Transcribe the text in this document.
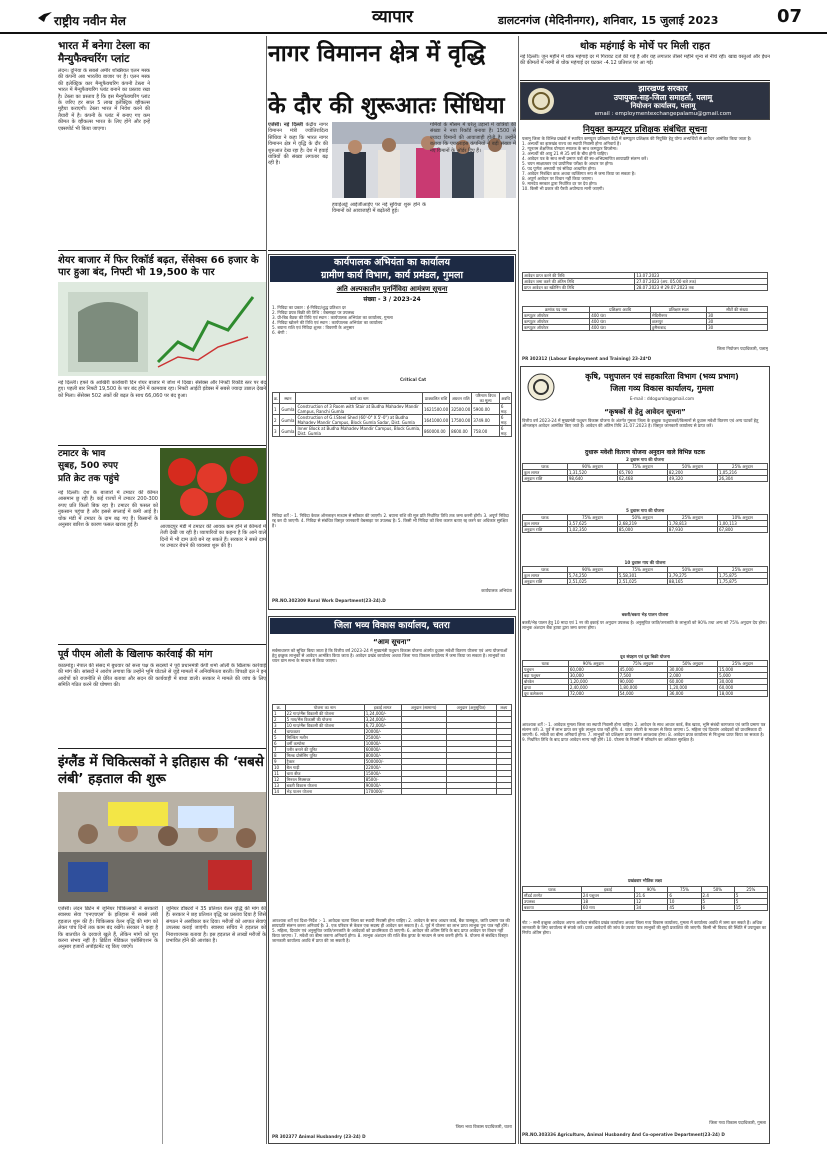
राष्ट्रीय नवीन मेल	व्यापार	डालटनगंज (मेदिनीनगर), शनिवार, 15 जुलाई 2023	07
भारत में बनेगा टेस्ला का मैन्युफैक्चरिंग प्लांट
लंदन। दुनिया के सबसे अमीर शख्सियत एलन मस्क की कंपनी अब भारतीय बाजार पर है। एलन मस्क की इलेक्ट्रिक कार मैन्युफैक्चरिंग कंपनी टेस्ला ने भारत में मैन्युफैक्चरिंग प्लांट बनाने का प्रस्ताव रखा है। टेस्ला का प्रस्ताव है कि इस मैन्युफैक्चरिंग प्लांट के जरिए हर साल 5 लाख इलेक्ट्रिक व्हीकल्स मुहैया कराएगी। टेस्ला भारत में निवेश करने की तैयारी में है। कंपनी के प्लांट में बनाए गए कम कीमत के व्हीकल्स भारत के लिए होंगे और इन्हें एक्सपोर्ट भी किया जाएगा।
शेयर बाजार में फिर रिकॉर्ड बढ़त, सेंसेक्स 66 हजार के पार हुआ बंद, निफ्टी भी 19,500 के पार
नई दिल्ली। हफ्ते के आखिरी कारोबारी दिन शेयर बाजार में जोश में दिखा। सेंसेक्स और निफ्टी रिकॉर्ड स्तर पर बंद हुए। पहली बार निफ्टी 19,500 के पार बंद होने में कामयाब रहा। निफ्टी आईटी इंडेक्स में सबसे ज्यादा उछाल देखने को मिला। सेंसेक्स 502 अंकों की बढ़त के साथ 66,060 पर बंद हुआ।
टमाटर के भाव
सुबह, 500 रुपए
प्रति क्रेट तक पहुंचे
नई दिल्ली। देश के बाजारों में टमाटर की कीमत आसमान छू रही है। कई राज्यों में टमाटर 200-300 रुपए प्रति किलो बिक रहा है। टमाटर की फसल को नुकसान पहुंचा है और इससे सप्लाई में कमी आई है। थोक मंडी में टमाटर के दाम बढ़ गए हैं। किसानों के अनुसार बारिश के कारण फसल खराब हुई है।	आजादपुर मंडी में टमाटर की आवक कम होने से कीमतों में तेजी देखी जा रही है। व्यापारियों का कहना है कि आने वाले दिनों में भी दाम ऊंचे बने रह सकते हैं। सरकार ने सस्ते दाम पर टमाटर बेचने की व्यवस्था शुरू की है।
पूर्व पीएम ओली के खिलाफ कार्रवाई की मांग
काठमांडू। नेपाल की संसद में बुधवार को सत्ता पक्ष के सदस्यों ने पूर्व प्रधानमंत्री केपी शर्मा ओली के खिलाफ कार्रवाई की मांग की। सांसदों ने आरोप लगाया कि उन्होंने भूमि घोटाले से जुड़े मामलों में अनियमितता बरती। विपक्षी दल ने इन आरोपों को राजनीति से प्रेरित बताया और सदन की कार्यवाही में बाधा डाली। सरकार ने मामले की जांच के लिए समिति गठित करने की घोषणा की।
इंग्लैंड में चिकित्सकों ने इतिहास की ‘सबसे लंबी’ हड़ताल की शुरू
एजेंसी। लंदन ब्रिटेन में जूनियर चिकित्सकों ने सरकारी स्वास्थ्य सेवा 'एनएचएस' के इतिहास में सबसे लंबी हड़ताल शुरू की है। चिकित्सक वेतन वृद्धि की मांग को लेकर पांच दिनों तक काम बंद रखेंगे। सरकार ने कहा है कि बातचीत के दरवाजे खुले हैं, लेकिन मांगों को पूरा करना संभव नहीं है। ब्रिटिश मेडिकल एसोसिएशन के अनुसार हजारों अपॉइंटमेंट रद्द किए जाएंगे।
जूनियर डॉक्टरों ने 35 प्रतिशत वेतन वृद्धि की मांग की है। सरकार ने छह प्रतिशत वृद्धि का प्रस्ताव दिया है जिसे संगठन ने अस्वीकार कर दिया। मरीजों को आपात सेवाएं उपलब्ध कराई जाएंगी। स्वास्थ्य सचिव ने हड़ताल को निराशाजनक बताया है। इस हड़ताल से लाखों मरीजों के प्रभावित होने की आशंका है।
नागर विमानन क्षेत्र में वृद्धि
के दौर की शुरूआतः सिंधिया
एजेंसी। नई दिल्ली केंद्रीय नागर विमानन मंत्री ज्योतिरादित्य सिंधिया ने कहा कि भारत नागर विमानन क्षेत्र में वृद्धि के दौर की शुरुआत देख रहा है। देश में हवाई यात्रियों की संख्या लगातार बढ़ रही है।
हवाईअड्डे आईजीआईए पर नई सुविधा शुरू होने के विमानों को आवाजाही में बढ़ोतरी हुई।
गर्मियों के मौसम में घरेलू उड़ानों में यात्रियों की संख्या ने नया रिकॉर्ड बनाया है। 1500 से ज्यादा विमानों की आवाजाही होती है। उन्होंने बताया कि एयरलाइंस कंपनियों ने बड़ी संख्या में नए विमानों के ऑर्डर दिए हैं।
कार्यपालक अभियंता का कार्यालय
ग्रामीण कार्य विभाग, कार्य प्रमंडल, गुमला
अति अल्पकालीन पुनर्निविदा आमंत्रण सूचना
संख्या - 3 / 2023-24
1. निविदा का प्रकार : ई-निविदा/शुद्ध प्रतिशत दर
2. निविदा प्रपत्र बिक्री की तिथि : वेबसाइट पर उपलब्ध
3. प्री-बिड बैठक की तिथि एवं स्थान : कार्यपालक अभियंता का कार्यालय, गुमला
4. निविदा खोलने की तिथि एवं स्थान : कार्यपालक अभियंता का कार्यालय
5. बयाना राशि एवं निविदा शुल्क : विवरणी के अनुसार
6. श्रेणी :
Critical Cat
क्र.	स्थान	कार्य का नाम	प्राक्कलित राशि	अग्रधन राशि	परिमाण विपत्र का मूल्य	अवधि
1	Gumla	Construction of 3 Room with Stair at Budha Mahadev Mandir Campus, Ranchi Gumla	1621500.00	32500.00	5900.00	6 माह
2	Gumla	Construction of G.I.Steel Shed (60'-0" X 5'-0") at Budha Mahadev Mandir Campus, Block Gumla Sadar, Dist. Gumla	1641000.00	17500.00	3749.00	6 माह
3	Gumla	Inner Block at Budha Mahadev Mandir Campus, Block Gumla, Dist. Gumla	860000.00	8600.00	758.00	6 माह
निविदा शर्तें :- 1. निविदा केवल ऑनलाइन माध्यम से स्वीकार की जाएगी। 2. बयाना राशि की मूल प्रति निर्धारित तिथि तक जमा करनी होगी। 3. अपूर्ण निविदा रद्द कर दी जाएगी। 4. निविदा से संबंधित विस्तृत जानकारी वेबसाइट पर उपलब्ध है। 5. किसी भी निविदा को बिना कारण बताए रद्द करने का अधिकार सुरक्षित है।
कार्यपालक अभियंता
PR.NO.302309 Rural Work Department(23-24).D
जिला भव्य विकास कार्यालय, चतरा
“आम सूचना”
सर्वसाधारण को सूचित किया जाता है कि वित्तीय वर्ष 2023-24 में मुख्यमंत्री पशुधन विकास योजना अंतर्गत दुधारू मवेशी वितरण योजना एवं अन्य योजनाओं हेतु इच्छुक लाभुकों से आवेदन आमंत्रित किया जाता है। आवेदन प्रखंड कार्यालय अथवा जिला गव्य विकास कार्यालय में जमा किया जा सकता है। लाभुकों का चयन ग्राम सभा के माध्यम से किया जाएगा।
क्र.	योजना का नाम	इकाई लागत	अनुदान (सामान्य)	अनुदान (अनुसूचित)	लक्ष्य
1	22 गाय/भैंस विकासी की योजना	1,24,000/-			
2	5 गाय/भैंस विकासी की योजना	3,24,000/-			
3	10 गाय/भैंस विकासी की योजना	6,72,000/-			
4	चाफकटर	20000/-			
5	मिल्किंग मशीन	25000/-			
6	वर्मी कम्पोस्ट	10000/-			
7	पनीर बनाने की यूनिट	60000/-			
8	मिल्क प्रोसेसिंग यूनिट	80000/-			
9	ट्रैक्टर	500000/-			
10	बैल गाड़ी	22000/-			
11	चारा बीज	15000/-			
12	मिनरल मिक्सचर	8500/-			
13	बकरी विकास योजना	90000/-			
14	भेड़ पालन योजना	170000/-			
आवश्यक शर्तें एवं दिशा-निर्देश :- 1. आवेदक चतरा जिला का स्थायी निवासी होना चाहिए। 2. आवेदन के साथ आधार कार्ड, बैंक पासबुक, जाति प्रमाण पत्र की छायाप्रति संलग्न करना अनिवार्य है। 3. एक परिवार से केवल एक सदस्य ही आवेदन कर सकता है। 4. पूर्व में योजना का लाभ प्राप्त लाभुक पुनः पात्र नहीं होंगे। 5. महिला, दिव्यांग एवं अनुसूचित जाति/जनजाति के आवेदकों को प्राथमिकता दी जाएगी। 6. आवेदन की अंतिम तिथि के बाद प्राप्त आवेदन पर विचार नहीं किया जाएगा। 7. मवेशी का बीमा कराना अनिवार्य होगा। 8. लाभुक अंशदान की राशि बैंक ड्राफ्ट के माध्यम से जमा करनी होगी। 9. योजना से संबंधित विस्तृत जानकारी कार्यालय अवधि में प्राप्त की जा सकती है।
जिला भव्य विकास पदाधिकारी, चतरा
PR 302377 Animal Husbandry (23-24) D
थोक महंगाई के मोर्चे पर मिली राहत
नई दिल्ली। जून महीने में थोक महंगाई दर में गिरावट दर्ज की गई है और यह लगातार तीसरे महीने शून्य से नीचे रही। खाद्य वस्तुओं और ईंधन की कीमतों में नरमी से थोक महंगाई दर घटकर -4.12 प्रतिशत पर आ गई।
झारखण्ड सरकार
उपायुक्त-सह-जिला समाहर्ता, पलामू
नियोजन कार्यालय, पलामू
email : employmentexchangepalamu@gmail.com
नियुक्त कम्प्यूटर प्रशिक्षक संबंधित सूचना
पलामू जिला के विभिन्न प्रखंडों में स्थापित कम्प्यूटर प्रशिक्षण केंद्रों में कम्प्यूटर प्रशिक्षक की नियुक्ति हेतु योग्य अभ्यर्थियों से आवेदन आमंत्रित किया जाता है।
1. अभ्यर्थी का झारखंड राज्य का स्थायी निवासी होना अनिवार्य है।
2. न्यूनतम शैक्षणिक योग्यता स्नातक के साथ कम्प्यूटर डिप्लोमा।
3. अभ्यर्थी की आयु 21 से 35 वर्ष के बीच होनी चाहिए।
4. आवेदन पत्र के साथ सभी प्रमाण पत्रों की स्व-अभिप्रमाणित छायाप्रति संलग्न करें।
5. चयन साक्षात्कार एवं प्रायोगिक परीक्षा के आधार पर होगा।
6. पद पूर्णतः अस्थायी एवं संविदा आधारित होगा।
7. आवेदन निबंधित डाक अथवा व्यक्तिगत रूप से जमा किया जा सकता है।
8. अपूर्ण आवेदन पर विचार नहीं किया जाएगा।
9. मानदेय सरकार द्वारा निर्धारित दर पर देय होगा।
10. किसी भी प्रकार की पैरवी अयोग्यता मानी जाएगी।
आवेदन प्राप्त करने की तिथि	13.07.2023
आवेदन जमा करने की अंतिम तिथि	27.07.2023 (अप. 05.00 बजे तक)
प्राप्त आवेदन का स्क्रीनिंग की तिथि	28.07.2023 से 29.07.2023 तक
क्रमांक पद नाम	प्रशिक्षण अवधि	प्रशिक्षण स्थल	सीटों की संख्या
कम्प्यूटर ऑपरेटर	400 घंटा	मेदिनीनगर	30
कम्प्यूटर ऑपरेटर	400 घंटा	छतरपुर	30
कम्प्यूटर ऑपरेटर	400 घंटा	हुसैनाबाद	30
जिला नियोजन पदाधिकारी, पलामू
PR 302312 (Labour Employment and Training) 23-24*D
कृषि, पशुपालन एवं सहकारिता विभाग (भव्य प्रभाग)
जिला गव्य विकास कार्यालय, गुमला
E-mail : ddogumla@gmail.com
“कृषकों से हेतु आवेदन सूचना”
वित्तीय वर्ष 2023-24 में मुख्यमंत्री पशुधन विकास योजना के अंतर्गत गुमला जिला के इच्छुक पशुपालकों/किसानों से दुधारू मवेशी वितरण एवं अन्य घटकों हेतु ऑनलाइन आवेदन आमंत्रित किए जाते हैं। आवेदन की अंतिम तिथि 31.07.2023 है। विस्तृत जानकारी कार्यालय से प्राप्त करें।
दुधारू मवेशी वितरण योजना अनुदान वाले विभिन्न घटक
2 दुधारू गाय की योजना
घटक	90% अनुदान	75% अनुदान	50% अनुदान	25% अनुदान
कुल लागत	1,31,520	65,760	82,200	1,05,216
अनुदान राशि	98,640	62,468	49,320	26,304
5 दुधारू गाय की योजना
घटक	75% अनुदान	50% अनुदान	25% अनुदान	10% अनुदान
कुल लागत	3,57,625	2,68,219	1,78,813	1,00,113
अनुदान राशि	1,02,350	85,000	87,930	67,800
10 दुधारू गाय की योजना
घटक	90% अनुदान	75% अनुदान	50% अनुदान	25% अनुदान
कुल लागत	5,74,250	5,58,301	3,79,275	1,75,875
अनुदान राशि	2,51,025	2,51,025	88,165	1,75,875
बकरी/बकरा भेड़ पालन योजना
बकरी/भेड़ पालन हेतु 10 मादा एवं 1 नर की इकाई पर अनुदान उपलब्ध है। अनुसूचित जाति/जनजाति के लाभुकों को 90% तथा अन्य को 75% अनुदान देय होगा। लाभुक अंशदान बैंक ड्राफ्ट द्वारा जमा करना होगा।
दूध संग्रहण एवं दूध बिक्री योजना
घटक	90% अनुदान	75% अनुदान	50% अनुदान	25% अनुदान
पशुधन	60,000	45,000	30,000	15,000
बड़ा पशुधन	30,000	7,500	2,000	5,000
बोरवेल	1,20,000	90,000	60,000	30,000
ढ़ाचा	2,40,000	1,80,000	1,20,000	60,000
दूध कलेक्शन	72,000	54,000	36,000	18,000
आवश्यक शर्तें :- 1. आवेदक गुमला जिला का स्थायी निवासी होना चाहिए। 2. आवेदन के साथ आधार कार्ड, बैंक खाता, भूमि संबंधी कागजात एवं जाति प्रमाण पत्र संलग्न करें। 3. पूर्व में लाभ प्राप्त कर चुके लाभुक पात्र नहीं होंगे। 4. चयन लॉटरी के माध्यम से किया जाएगा। 5. महिला एवं दिव्यांग आवेदकों को प्राथमिकता दी जाएगी। 6. मवेशी का बीमा अनिवार्य होगा। 7. लाभुकों को प्रशिक्षण प्राप्त करना आवश्यक होगा। 8. आवेदन प्रपत्र कार्यालय से निःशुल्क प्राप्त किया जा सकता है। 9. निर्धारित तिथि के बाद प्राप्त आवेदन मान्य नहीं होंगे। 10. योजना के नियमों में परिवर्तन का अधिकार सुरक्षित है।
प्रखंडवार भौतिक लक्ष्य
घटक	इकाई	90%	75%	50%	25%
स्टैंडर्ड टारगेट	24 पशुधन	21.6	6	2.4	5
उपलब्ध	18	12	10	5	5
बकाया	60 गाय	34	45	6	15
नोट :- सभी इच्छुक आवेदक अपना आवेदन संबंधित प्रखंड कार्यालय अथवा जिला गव्य विकास कार्यालय, गुमला में कार्यालय अवधि में जमा कर सकते हैं। अधिक जानकारी के लिए कार्यालय से संपर्क करें। प्राप्त आवेदनों की जांच के उपरांत पात्र लाभुकों की सूची प्रकाशित की जाएगी। किसी भी विवाद की स्थिति में उपायुक्त का निर्णय अंतिम होगा।
जिला गव्य विकास पदाधिकारी, गुमला
PR.NO.303336 Agriculture, Animal Husbandry And Co-operative Department(23-24) D
